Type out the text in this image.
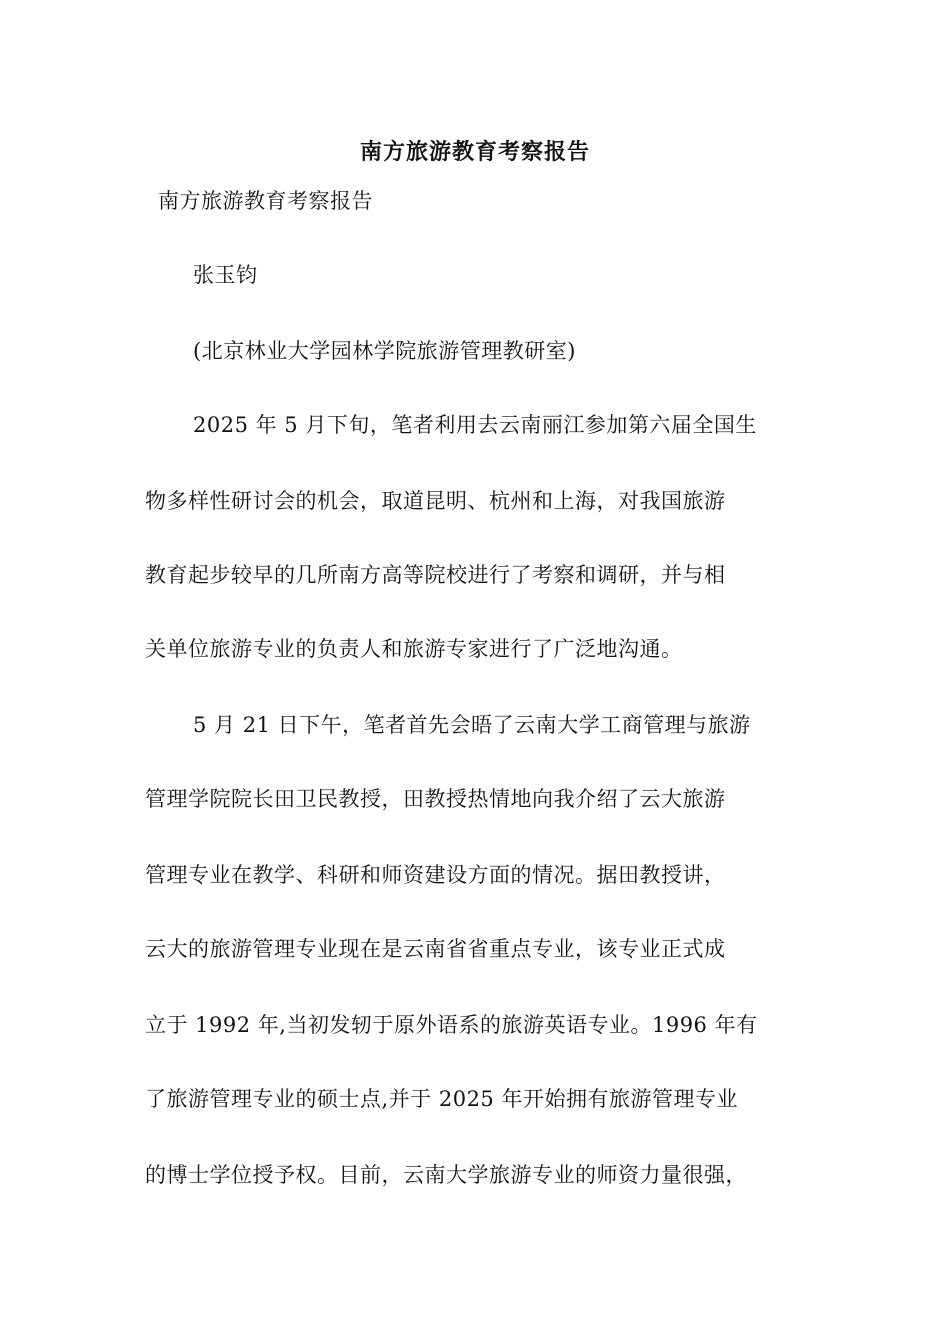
南方旅游教育考察报告
南方旅游教育考察报告
张玉钧
(北京林业大学园林学院旅游管理教研室)
2025 年 5 月下旬，笔者利用去云南丽江参加第六届全国生
物多样性研讨会的机会，取道昆明、杭州和上海，对我国旅游
教育起步较早的几所南方高等院校进行了考察和调研，并与相
关单位旅游专业的负责人和旅游专家进行了广泛地沟通。
5 月 21 日下午，笔者首先会晤了云南大学工商管理与旅游
管理学院院长田卫民教授，田教授热情地向我介绍了云大旅游
管理专业在教学、科研和师资建设方面的情况。据田教授讲，
云大的旅游管理专业现在是云南省省重点专业，该专业正式成
立于 1992 年,当初发轫于原外语系的旅游英语专业。1996 年有
了旅游管理专业的硕士点,并于 2025 年开始拥有旅游管理专业
的博士学位授予权。目前，云南大学旅游专业的师资力量很强，
